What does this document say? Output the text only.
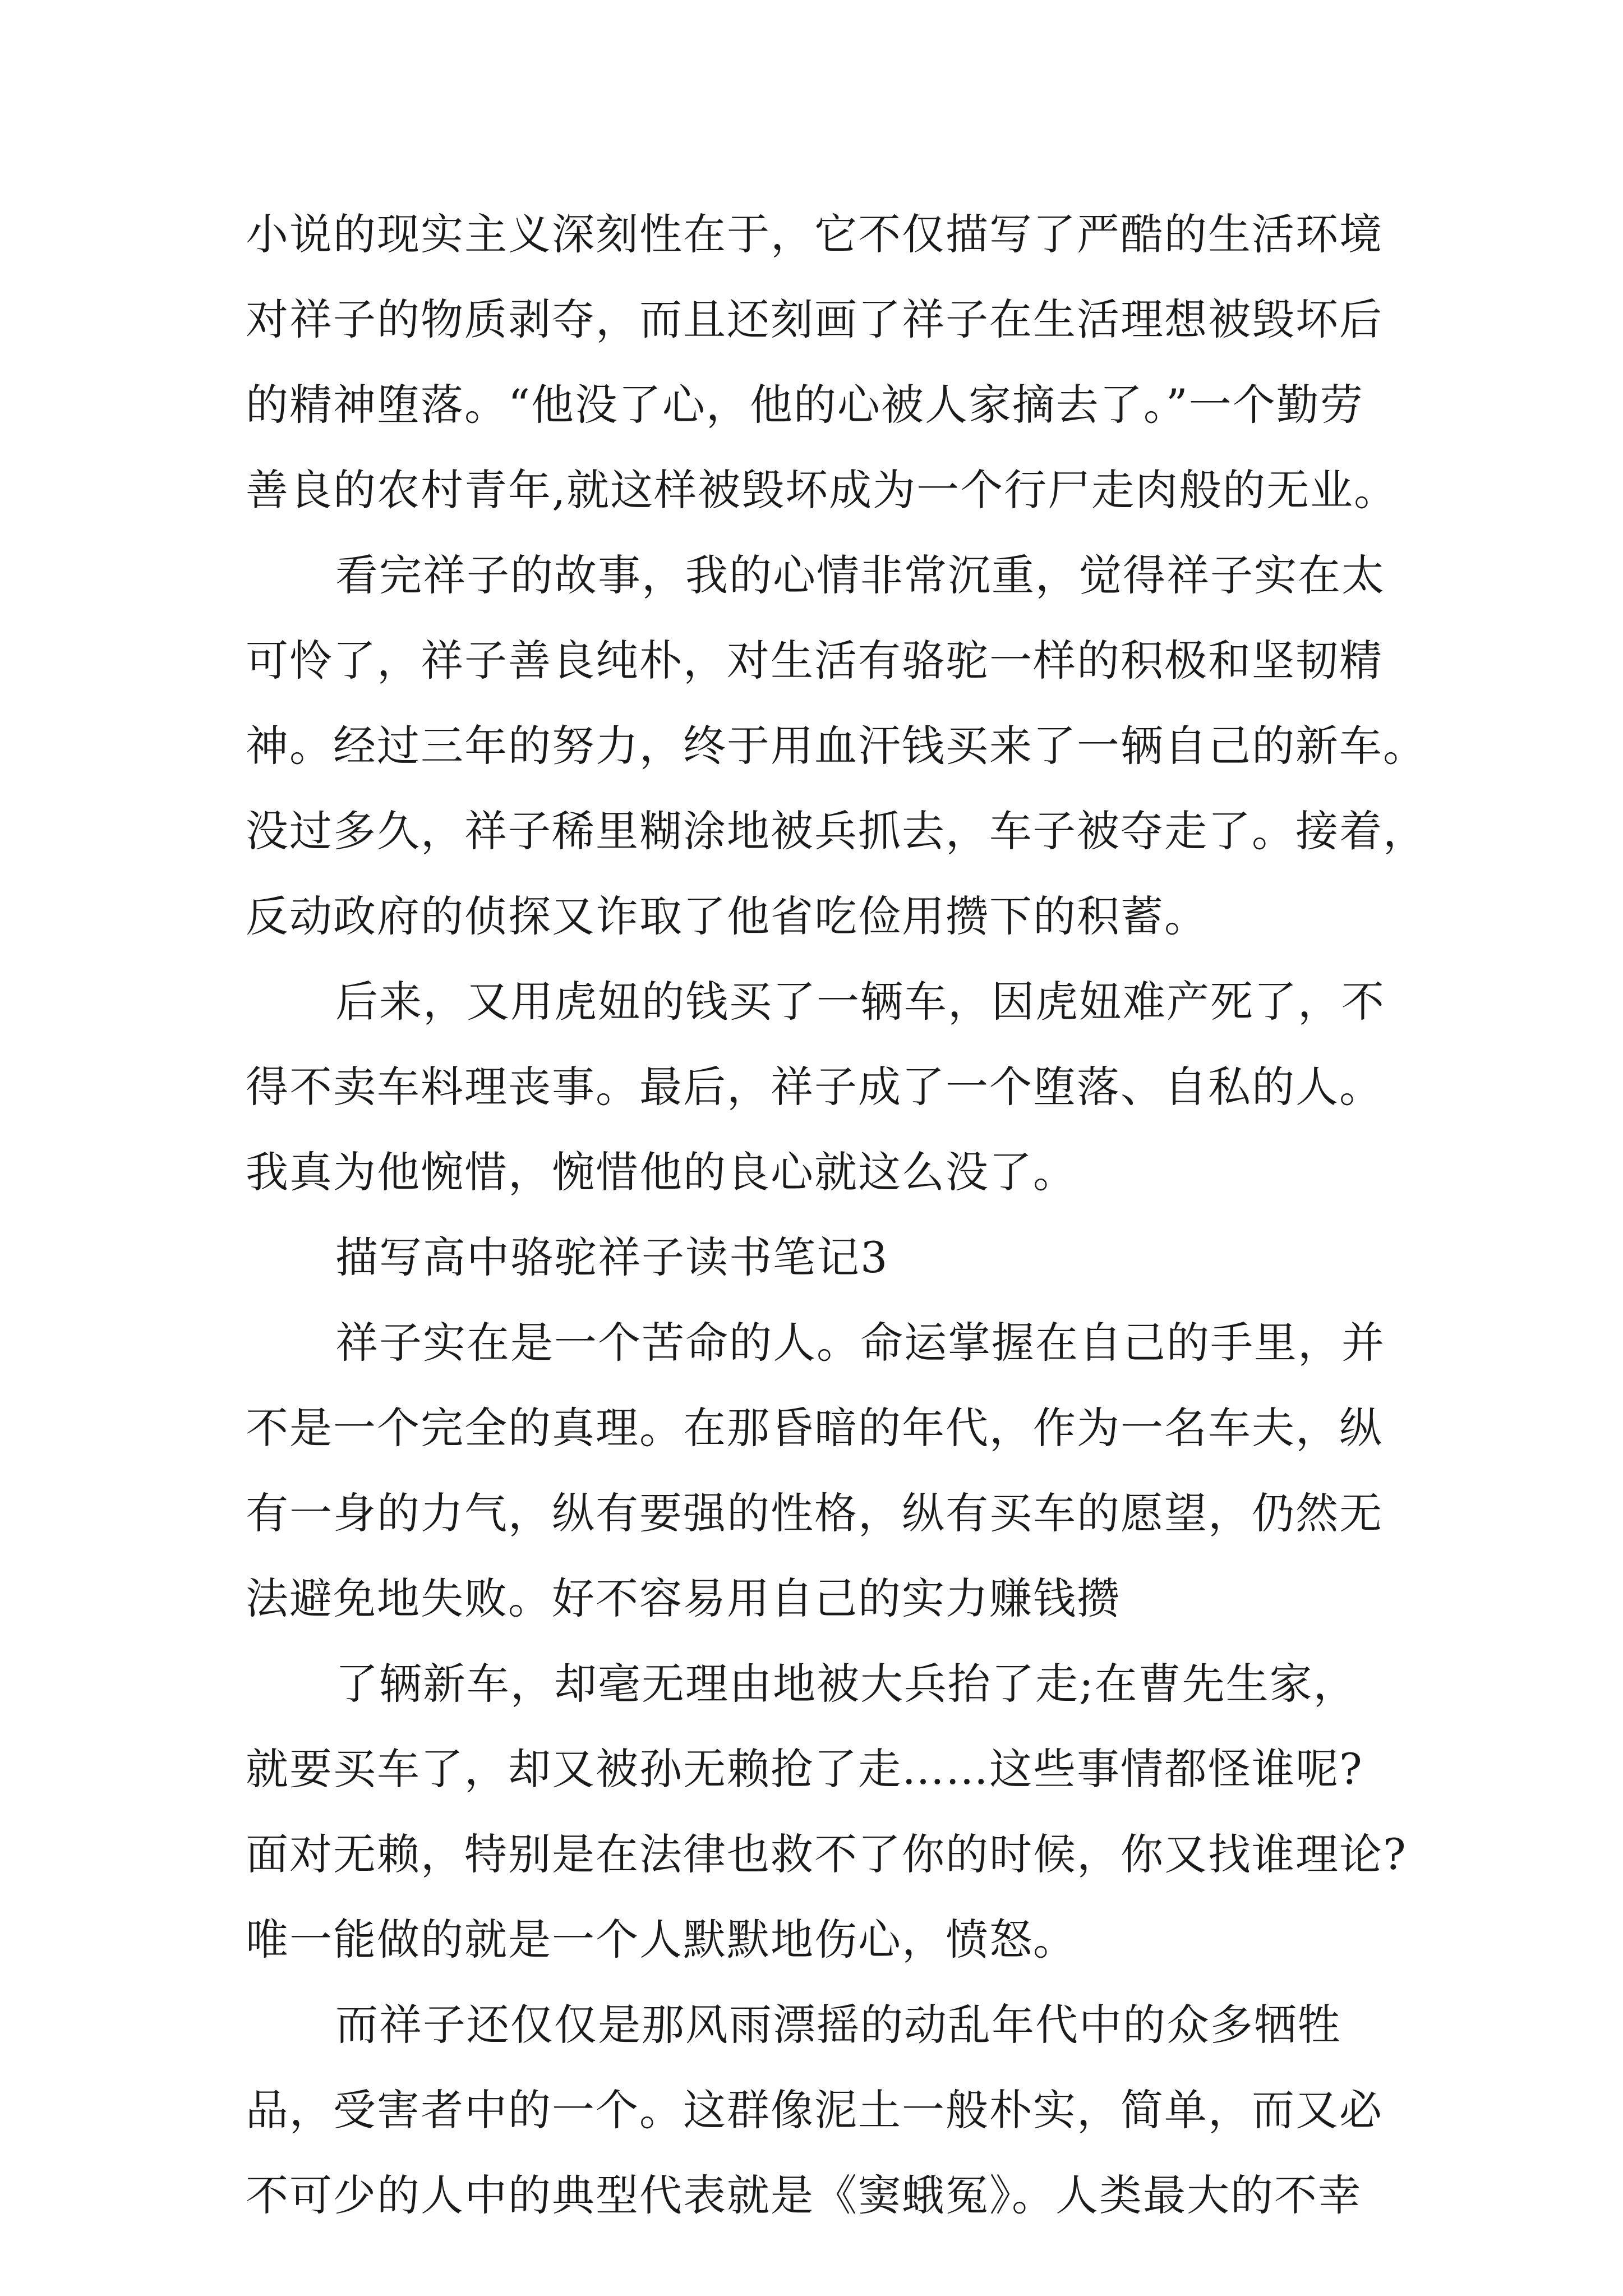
小说的现实主义深刻性在于，它不仅描写了严酷的生活环境
对祥子的物质剥夺，而且还刻画了祥子在生活理想被毁坏后
的精神堕落。“他没了心，他的心被人家摘去了。”一个勤劳
善良的农村青年,就这样被毁坏成为一个行尸走肉般的无业。
看完祥子的故事，我的心情非常沉重，觉得祥子实在太
可怜了，祥子善良纯朴，对生活有骆驼一样的积极和坚韧精
神。经过三年的努力，终于用血汗钱买来了一辆自己的新车。
没过多久，祥子稀里糊涂地被兵抓去，车子被夺走了。接着，
反动政府的侦探又诈取了他省吃俭用攒下的积蓄。
后来，又用虎妞的钱买了一辆车，因虎妞难产死了，不
得不卖车料理丧事。最后，祥子成了一个堕落、自私的人。
我真为他惋惜，惋惜他的良心就这么没了。
描写高中骆驼祥子读书笔记3
祥子实在是一个苦命的人。命运掌握在自己的手里，并
不是一个完全的真理。在那昏暗的年代，作为一名车夫，纵
有一身的力气，纵有要强的性格，纵有买车的愿望，仍然无
法避免地失败。好不容易用自己的实力赚钱攒
了辆新车，却毫无理由地被大兵抬了走;在曹先生家，
就要买车了，却又被孙无赖抢了走……这些事情都怪谁呢?
面对无赖，特别是在法律也救不了你的时候，你又找谁理论?
唯一能做的就是一个人默默地伤心，愤怒。
而祥子还仅仅是那风雨漂摇的动乱年代中的众多牺牲
品，受害者中的一个。这群像泥土一般朴实，简单，而又必
不可少的人中的典型代表就是《窦蛾冤》。人类最大的不幸
